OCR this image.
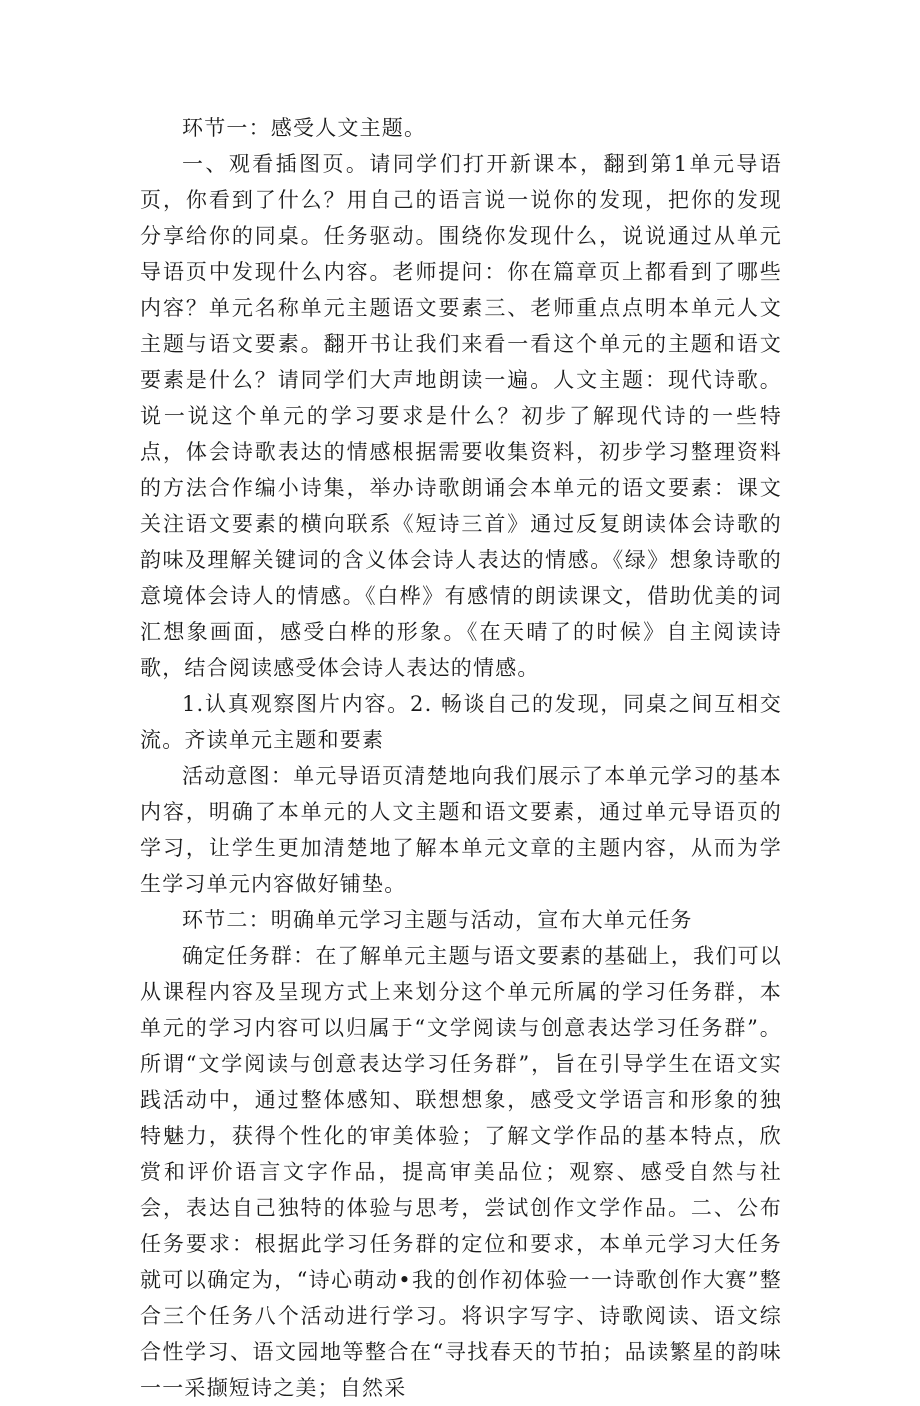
环节一：感受人文主题。

一、观看插图页。请同学们打开新课本，翻到第1单元导语页，你看到了什么？用自己的语言说一说你的发现，把你的发现分享给你的同桌。任务驱动。围绕你发现什么，说说通过从单元导语页中发现什么内容。老师提问：你在篇章页上都看到了哪些内容？单元名称单元主题语文要素三、老师重点点明本单元人文主题与语文要素。翻开书让我们来看一看这个单元的主题和语文要素是什么？请同学们大声地朗读一遍。人文主题：现代诗歌。说一说这个单元的学习要求是什么？初步了解现代诗的一些特点，体会诗歌表达的情感根据需要收集资料，初步学习整理资料的方法合作编小诗集，举办诗歌朗诵会本单元的语文要素：课文关注语文要素的横向联系《短诗三首》通过反复朗读体会诗歌的韵味及理解关键词的含义体会诗人表达的情感。《绿》想象诗歌的意境体会诗人的情感。《白桦》有感情的朗读课文，借助优美的词汇想象画面，感受白桦的形象。《在天晴了的时候》自主阅读诗歌，结合阅读感受体会诗人表达的情感。

1.认真观察图片内容。2. 畅谈自己的发现，同桌之间互相交流。齐读单元主题和要素

活动意图：单元导语页清楚地向我们展示了本单元学习的基本内容，明确了本单元的人文主题和语文要素，通过单元导语页的学习，让学生更加清楚地了解本单元文章的主题内容，从而为学生学习单元内容做好铺垫。

环节二：明确单元学习主题与活动，宣布大单元任务

确定任务群：在了解单元主题与语文要素的基础上，我们可以从课程内容及呈现方式上来划分这个单元所属的学习任务群，本单元的学习内容可以归属于“文学阅读与创意表达学习任务群”。所谓“文学阅读与创意表达学习任务群”，旨在引导学生在语文实践活动中，通过整体感知、联想想象，感受文学语言和形象的独特魅力，获得个性化的审美体验；了解文学作品的基本特点，欣赏和评价语言文字作品，提高审美品位；观察、感受自然与社会，表达自己独特的体验与思考，尝试创作文学作品。二、公布任务要求：根据此学习任务群的定位和要求，本单元学习大任务就可以确定为，“诗心萌动•我的创作初体验一一诗歌创作大赛”整合三个任务八个活动进行学习。将识字写字、诗歌阅读、语文综合性学习、语文园地等整合在“寻找春天的节拍；品读繁星的韵味一一采撷短诗之美；自然采
